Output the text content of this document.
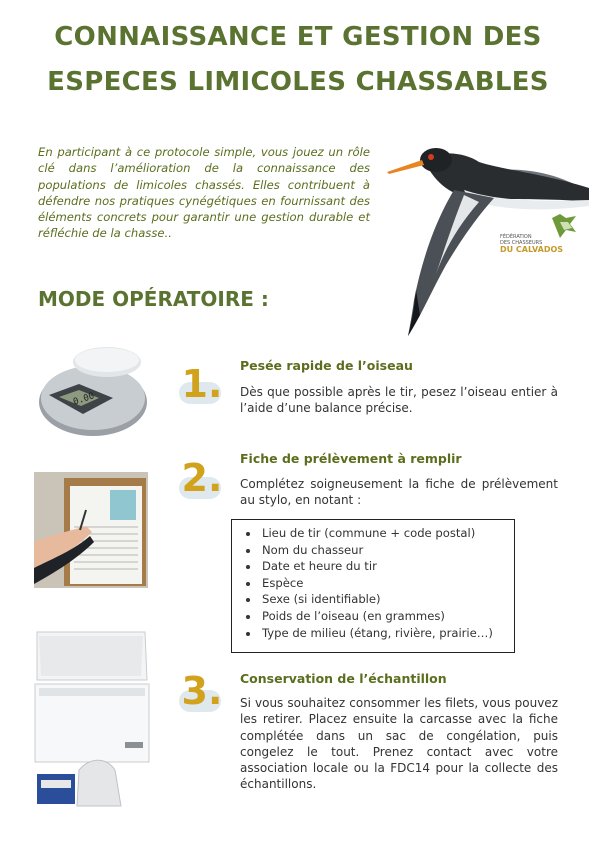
CONNAISSANCE ET GESTION DES
ESPECES LIMICOLES CHASSABLES
En participant à ce protocole simple, vous jouez un rôle clé dans l’amélioration de la connaissance des populations de limicoles chassés. Elles contribuent à défendre nos pratiques cynégétiques en fournissant des éléments concrets pour garantir une gestion durable et réfléchie de la chasse..	FÉDÉRATION
DES CHASSEURS
DU CALVADOS
MODE OPÉRATOIRE :
0.00 1.	Pesée rapide de l’oiseau
Dès que possible après le tir, pesez l’oiseau entier à l’aide d’une balance précise.
2.	Fiche de prélèvement à remplir
Complétez soigneusement la fiche de prélèvement au stylo, en notant :
• Lieu de tir (commune + code postal)
• Nom du chasseur
• Date et heure du tir
• Espèce
• Sexe (si identifiable)
• Poids de l’oiseau (en grammes)
• Type de milieu (étang, rivière, prairie…)
3.	Conservation de l’échantillon
Si vous souhaitez consommer les filets, vous pouvez les retirer. Placez ensuite la carcasse avec la fiche complétée dans un sac de congélation, puis congelez le tout. Prenez contact avec votre association locale ou la FDC14 pour la collecte des échantillons.
